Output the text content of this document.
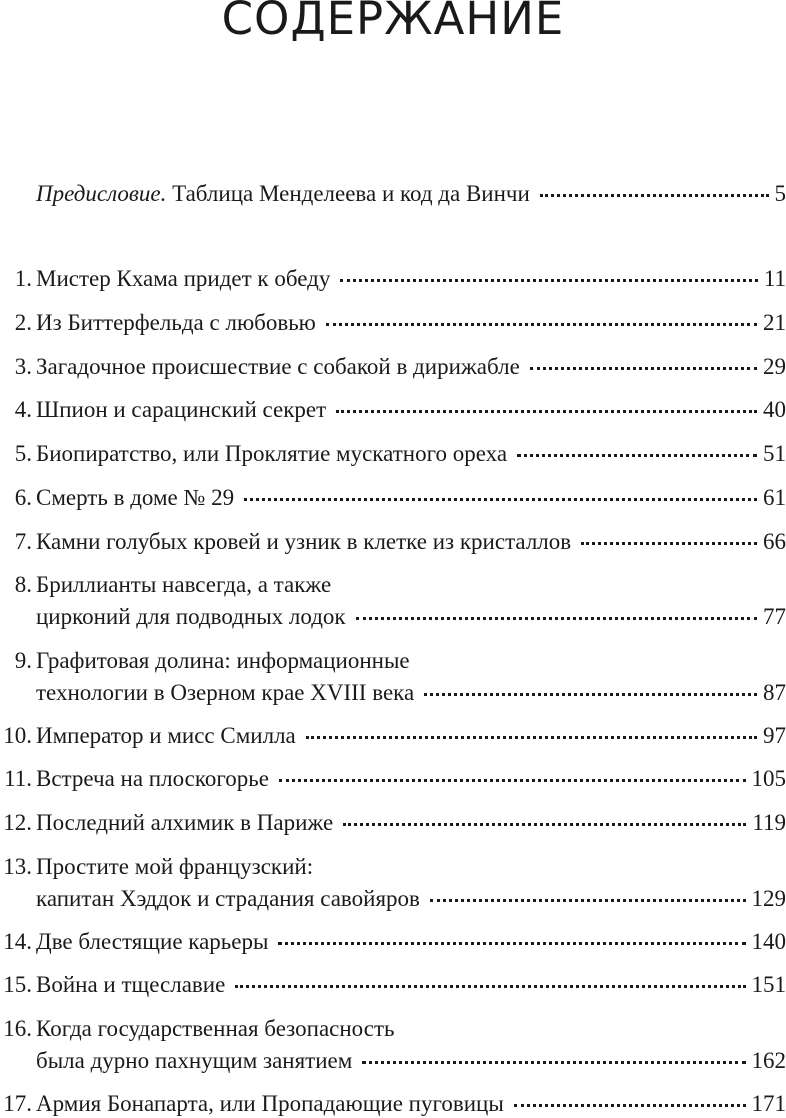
СОДЕРЖАНИЕ
Предисловие. Таблица Менделеева и код да Винчи	5
1. Мистер Кхама придет к обеду	11
2. Из Биттерфельда с любовью	21
3. Загадочное происшествие с собакой в дирижабле	29
4. Шпион и сарацинский секрет	40
5. Биопиратство, или Проклятие мускатного ореха	51
6. Смерть в доме № 29	61
7. Камни голубых кровей и узник в клетке из кристаллов	66
8. Бриллианты навсегда, а также
цирконий для подводных лодок	77
9. Графитовая долина: информационные
технологии в Озерном крае XVIII века	87
10. Император и мисс Смилла	97
11. Встреча на плоскогорье	105
12. Последний алхимик в Париже	119
13. Простите мой французский:
капитан Хэддок и страдания савойяров	129
14. Две блестящие карьеры	140
15. Война и тщеславие	151
16. Когда государственная безопасность
была дурно пахнущим занятием	162
17. Армия Бонапарта, или Пропадающие пуговицы	171
